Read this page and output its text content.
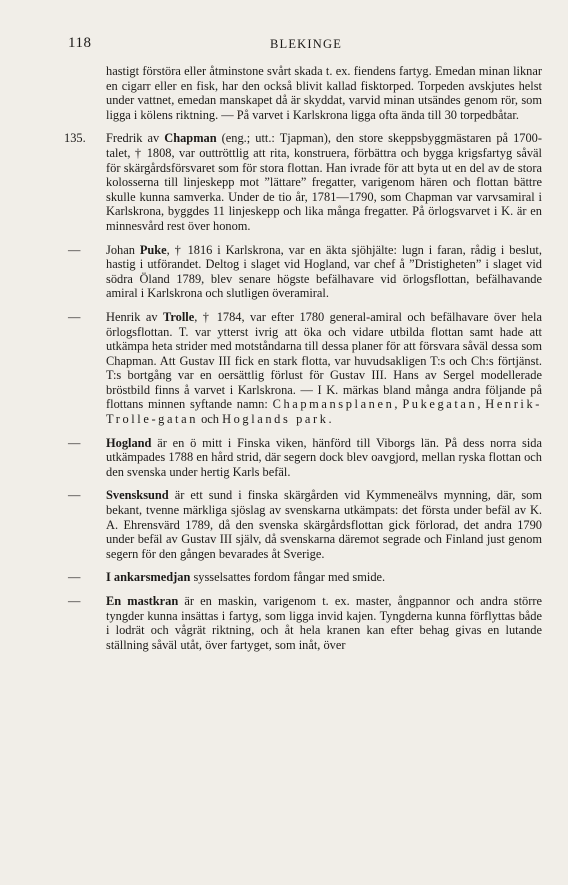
118	BLEKINGE

hastigt förstöra eller åtminstone svårt skada t. ex. fiendens fartyg. Emedan minan liknar en cigarr eller en fisk, har den också blivit kallad fisktorped. Torpeden avskjutes helst under vattnet, emedan manskapet då är skyddat, varvid minan utsändes genom rör, som ligga i kölens riktning. — På varvet i Karlskrona ligga ofta ända till 30 torpedbåtar.

135.	Fredrik av Chapman (eng.; utt.: Tjapman), den store skeppsbyggmästaren på 1700-talet, † 1808, var outtröttlig att rita, konstruera, förbättra och bygga krigsfartyg såväl för skärgårdsförsvaret som för stora flottan. Han ivrade för att byta ut en del av de stora kolosserna till linjeskepp mot ”lättare” fregatter, varigenom hären och flottan bättre skulle kunna samverka. Under de tio år, 1781—1790, som Chapman var varvsamiral i Karlskrona, byggdes 11 linjeskepp och lika många fregatter. På örlogsvarvet i K. är en minnesvård rest över honom.

—	Johan Puke, † 1816 i Karlskrona, var en äkta sjöhjälte: lugn i faran, rådig i beslut, hastig i utförandet. Deltog i slaget vid Hogland, var chef å ”Dristigheten” i slaget vid södra Öland 1789, blev senare högste befälhavare vid örlogsflottan, befälhavande amiral i Karlskrona och slutligen överamiral.

—	Henrik av Trolle, † 1784, var efter 1780 general-amiral och befälhavare över hela örlogsflottan. T. var ytterst ivrig att öka och vidare utbilda flottan samt hade att utkämpa heta strider med motståndarna till dessa planer för att försvara såväl dessa som Chapman. Att Gustav III fick en stark flotta, var huvudsakligen T:s och Ch:s förtjänst. T:s bortgång var en oersättlig förlust för Gustav III. Hans av Sergel modellerade bröstbild finns å varvet i Karlskrona. — I K. märkas bland många andra följande på flottans minnen syftande namn: Chapmansplanen, Pukegatan, Henrik-Trolle-gatan och Hoglands park.

—	Hogland är en ö mitt i Finska viken, hänförd till Viborgs län. På dess norra sida utkämpades 1788 en hård strid, där segern dock blev oavgjord, mellan ryska flottan och den svenska under hertig Karls befäl.

—	Svensksund är ett sund i finska skärgården vid Kymmeneälvs mynning, där, som bekant, tvenne märkliga sjöslag av svenskarna utkämpats: det första under befäl av K. A. Ehrensvärd 1789, då den svenska skärgårdsflottan gick förlorad, det andra 1790 under befäl av Gustav III själv, då svenskarna däremot segrade och Finland just genom segern för den gången bevarades åt Sverige.

—	I ankarsmedjan sysselsattes fordom fångar med smide.

—	En mastkran är en maskin, varigenom t. ex. master, ångpannor och andra större tyngder kunna insättas i fartyg, som ligga invid kajen. Tyngderna kunna förflyttas både i lodrät och vågrät riktning, och åt hela kranen kan efter behag givas en lutande ställning såväl utåt, över fartyget, som inåt, över
